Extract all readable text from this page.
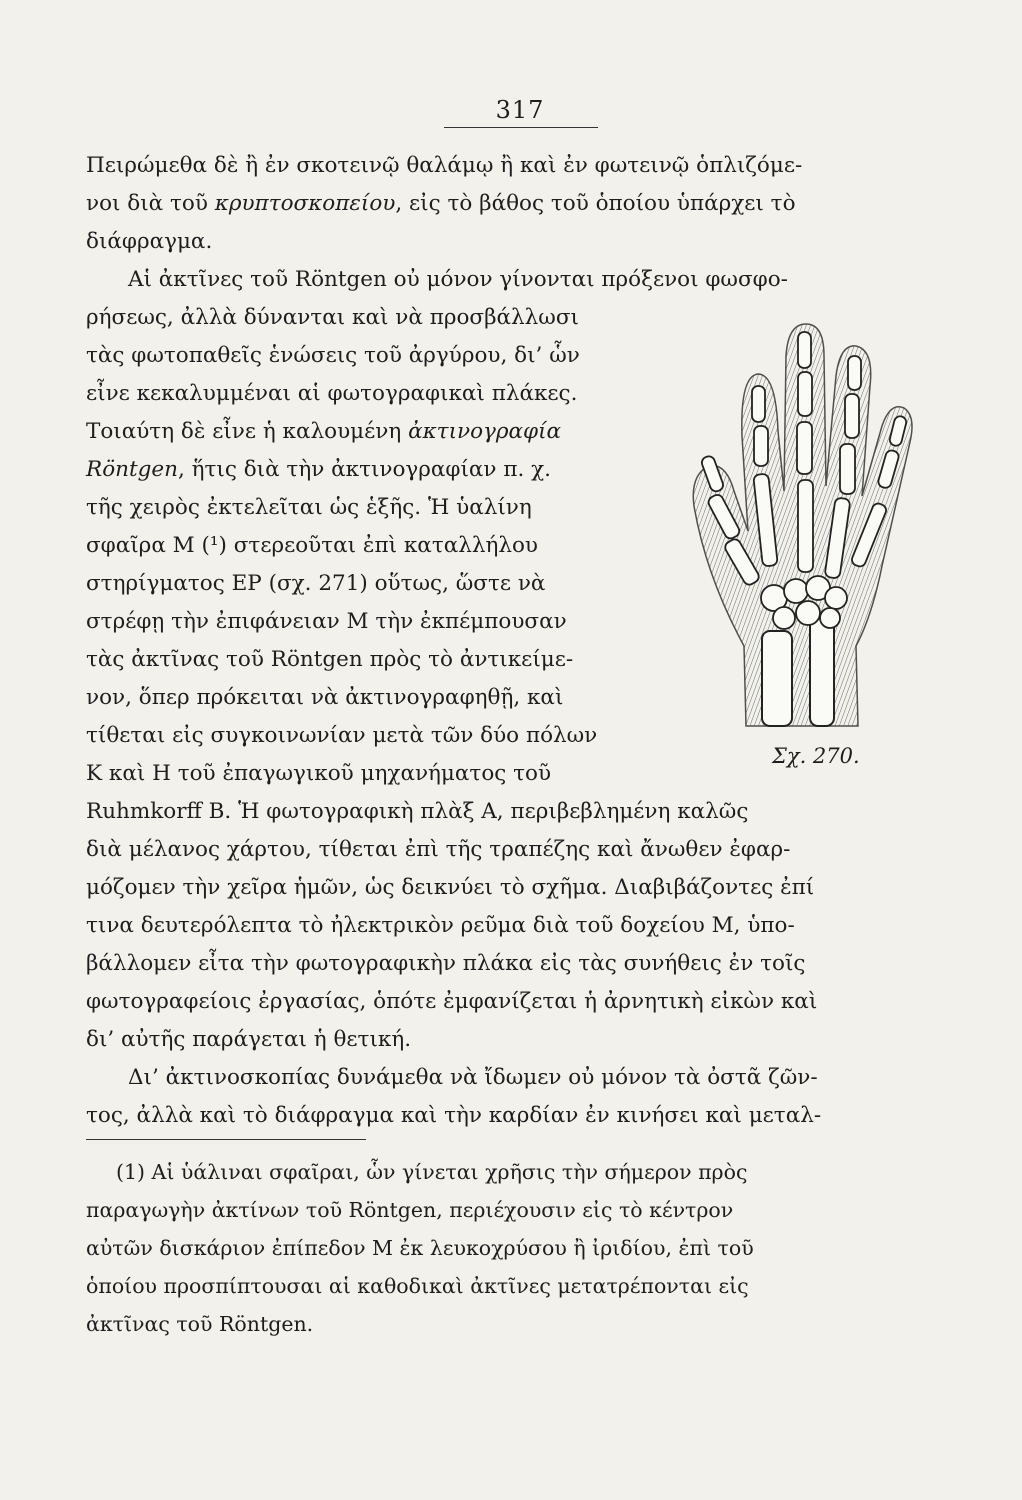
317
Πειρώμεθα δὲ ἢ ἐν σκοτεινῷ θαλάμῳ ἢ καὶ ἐν φωτεινῷ ὁπλιζόμε-
νοι διὰ τοῦ κρυπτοσκοπείου, εἰς τὸ βάθος τοῦ ὁποίου ὑπάρχει τὸ
διάφραγμα.
Αἱ ἀκτῖνες τοῦ Röntgen οὐ μόνον γίνονται πρόξενοι φωσφο-
ρήσεως, ἀλλὰ δύνανται καὶ νὰ προσβάλλωσι
τὰς φωτοπαθεῖς ἑνώσεις τοῦ ἀργύρου, δι’ ὧν
εἶνε κεκαλυμμέναι αἱ φωτογραφικαὶ πλάκες.
Τοιαύτη δὲ εἶνε ἡ καλουμένη ἀκτινογραφία
Röntgen, ἥτις διὰ τὴν ἀκτινογραφίαν π. χ.
τῆς χειρὸς ἐκτελεῖται ὡς ἑξῆς. Ἡ ὑαλίνη
σφαῖρα Μ (¹) στερεοῦται ἐπὶ καταλλήλου
στηρίγματος ΕΡ (σχ. 271) οὕτως, ὥστε νὰ
στρέφῃ τὴν ἐπιφάνειαν Μ τὴν ἐκπέμπουσαν
τὰς ἀκτῖνας τοῦ Röntgen πρὸς τὸ ἀντικείμε-
νον, ὅπερ πρόκειται νὰ ἀκτινογραφηθῇ, καὶ
τίθεται εἰς συγκοινωνίαν μετὰ τῶν δύο πόλων
Κ καὶ Η τοῦ ἐπαγωγικοῦ μηχανήματος τοῦ
Ruhmkorff Β. Ἡ φωτογραφικὴ πλὰξ Α, περιβεβλημένη καλῶς
διὰ μέλανος χάρτου, τίθεται ἐπὶ τῆς τραπέζης καὶ ἄνωθεν ἐφαρ-
μόζομεν τὴν χεῖρα ἡμῶν, ὡς δεικνύει τὸ σχῆμα. Διαβιβάζοντες ἐπί
τινα δευτερόλεπτα τὸ ἠλεκτρικὸν ρεῦμα διὰ τοῦ δοχείου Μ, ὑπο-
βάλλομεν εἶτα τὴν φωτογραφικὴν πλάκα εἰς τὰς συνήθεις ἐν τοῖς
φωτογραφείοις ἐργασίας, ὁπότε ἐμφανίζεται ἡ ἀρνητικὴ εἰκὼν καὶ
δι’ αὐτῆς παράγεται ἡ θετική.
Δι’ ἀκτινοσκοπίας δυνάμεθα νὰ ἴδωμεν οὐ μόνον τὰ ὀστᾶ ζῶν-
τος, ἀλλὰ καὶ τὸ διάφραγμα καὶ τὴν καρδίαν ἐν κινήσει καὶ μεταλ-
(1) Αἱ ὑάλιναι σφαῖραι, ὧν γίνεται χρῆσις τὴν σήμερον πρὸς
παραγωγὴν ἀκτίνων τοῦ Röntgen, περιέχουσιν εἰς τὸ κέντρον
αὐτῶν δισκάριον ἐπίπεδον Μ ἐκ λευκοχρύσου ἢ ἰριδίου, ἐπὶ τοῦ
ὁποίου προσπίπτουσαι αἱ καθοδικαὶ ἀκτῖνες μετατρέπονται εἰς
ἀκτῖνας τοῦ Röntgen.
Σχ. 270.
